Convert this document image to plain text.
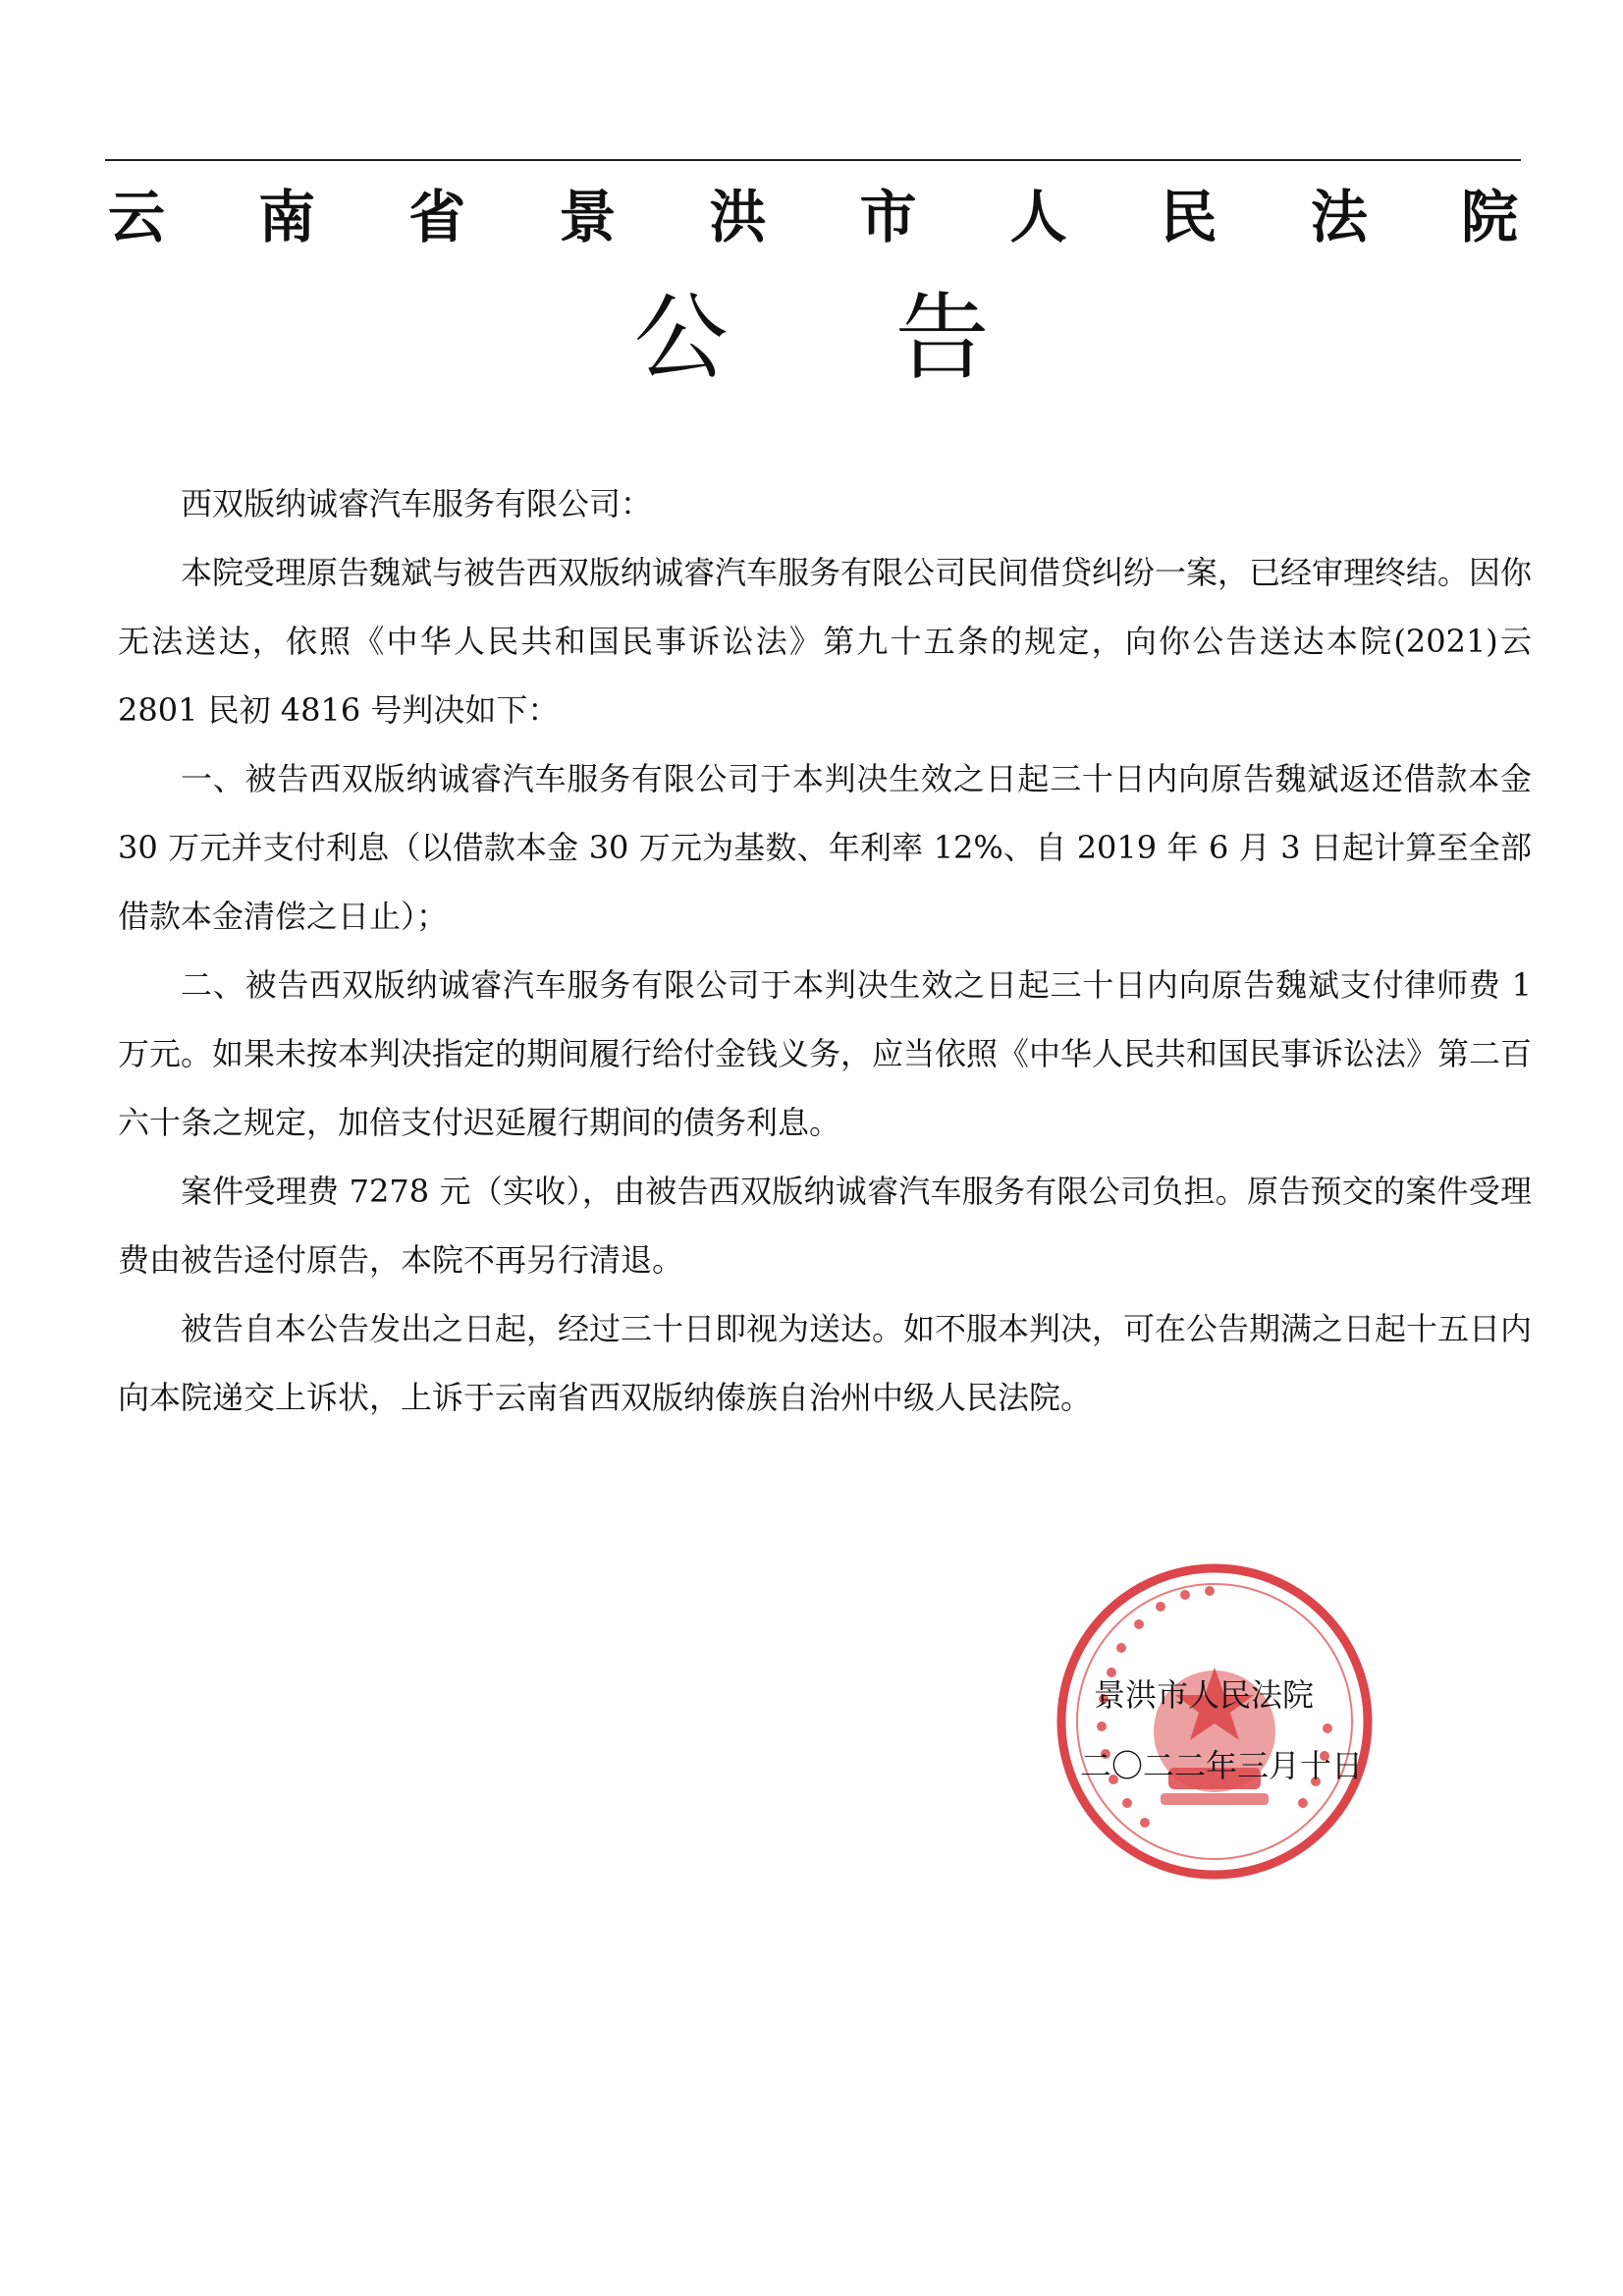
云 南 省 景 洪 市 人 民 法 院
公 告

西双版纳诚睿汽车服务有限公司：

本院受理原告魏斌与被告西双版纳诚睿汽车服务有限公司民间借贷纠纷一案，已经审理终结。因你无法送达，依照《中华人民共和国民事诉讼法》第九十五条的规定，向你公告送达本院(2021)云 2801 民初 4816 号判决如下：

一、被告西双版纳诚睿汽车服务有限公司于本判决生效之日起三十日内向原告魏斌返还借款本金 30 万元并支付利息（以借款本金 30 万元为基数、年利率 12%、自 2019 年 6 月 3 日起计算至全部借款本金清偿之日止）；

二、被告西双版纳诚睿汽车服务有限公司于本判决生效之日起三十日内向原告魏斌支付律师费 1 万元。如果未按本判决指定的期间履行给付金钱义务，应当依照《中华人民共和国民事诉讼法》第二百六十条之规定，加倍支付迟延履行期间的债务利息。

案件受理费 7278 元（实收），由被告西双版纳诚睿汽车服务有限公司负担。原告预交的案件受理费由被告迳付原告，本院不再另行清退。

被告自本公告发出之日起，经过三十日即视为送达。如不服本判决，可在公告期满之日起十五日内向本院递交上诉状，上诉于云南省西双版纳傣族自治州中级人民法院。

景洪市人民法院
二〇二二年三月十日
